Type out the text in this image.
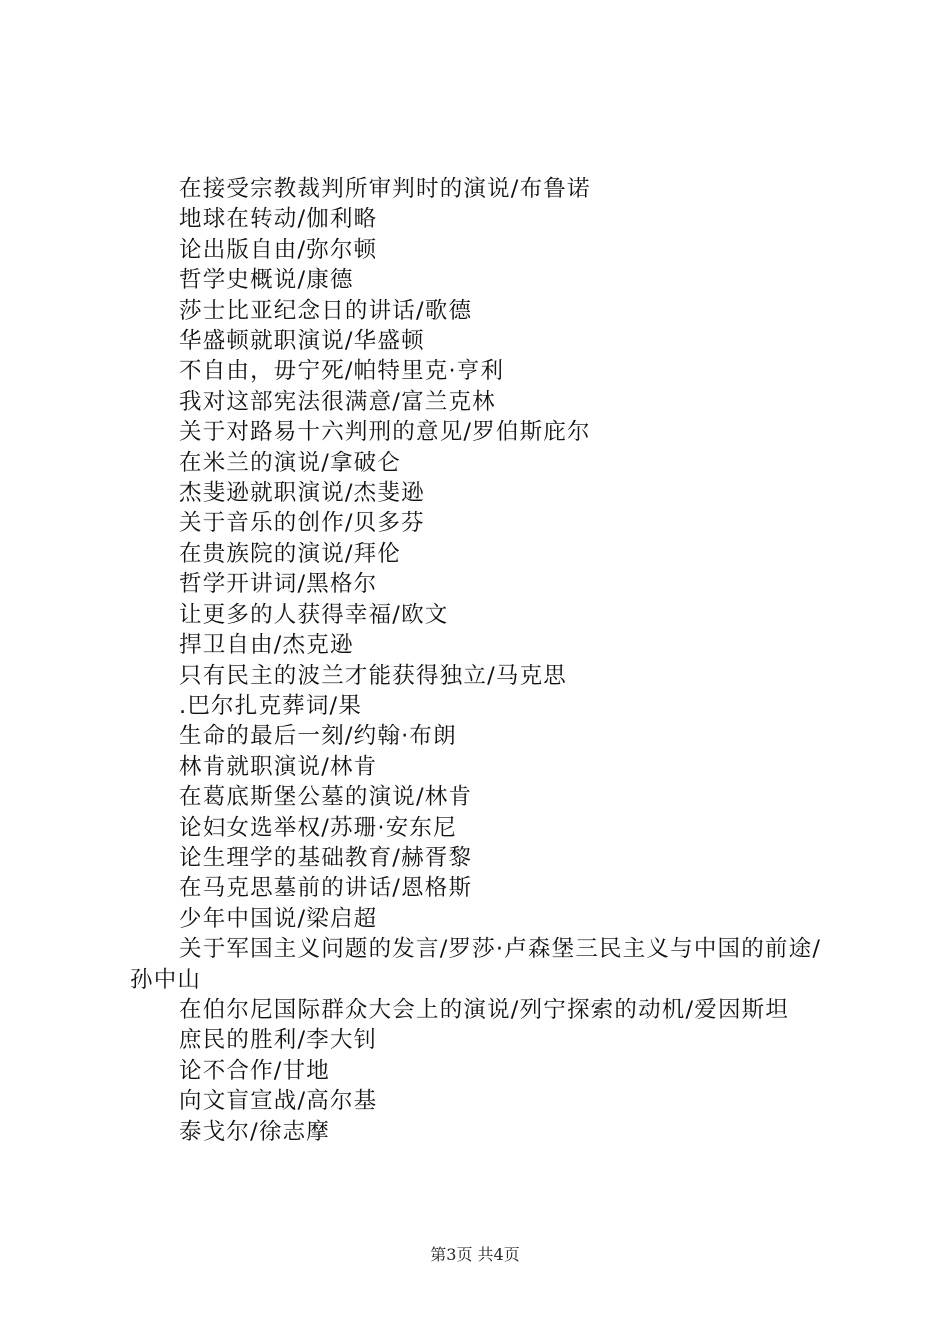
在接受宗教裁判所审判时的演说/布鲁诺
地球在转动/伽利略
论出版自由/弥尔顿
哲学史概说/康德
莎士比亚纪念日的讲话/歌德
华盛顿就职演说/华盛顿
不自由，毋宁死/帕特里克·亨利
我对这部宪法很满意/富兰克林
关于对路易十六判刑的意见/罗伯斯庇尔
在米兰的演说/拿破仑
杰斐逊就职演说/杰斐逊
关于音乐的创作/贝多芬
在贵族院的演说/拜伦
哲学开讲词/黑格尔
让更多的人获得幸福/欧文
捍卫自由/杰克逊
只有民主的波兰才能获得独立/马克思
.巴尔扎克葬词/果
生命的最后一刻/约翰·布朗
林肯就职演说/林肯
在葛底斯堡公墓的演说/林肯
论妇女选举权/苏珊·安东尼
论生理学的基础教育/赫胥黎
在马克思墓前的讲话/恩格斯
少年中国说/梁启超
关于军国主义问题的发言/罗莎·卢森堡三民主义与中国的前途/孙中山
在伯尔尼国际群众大会上的演说/列宁探索的动机/爱因斯坦
庶民的胜利/李大钊
论不合作/甘地
向文盲宣战/高尔基
泰戈尔/徐志摩
第3页 共4页
